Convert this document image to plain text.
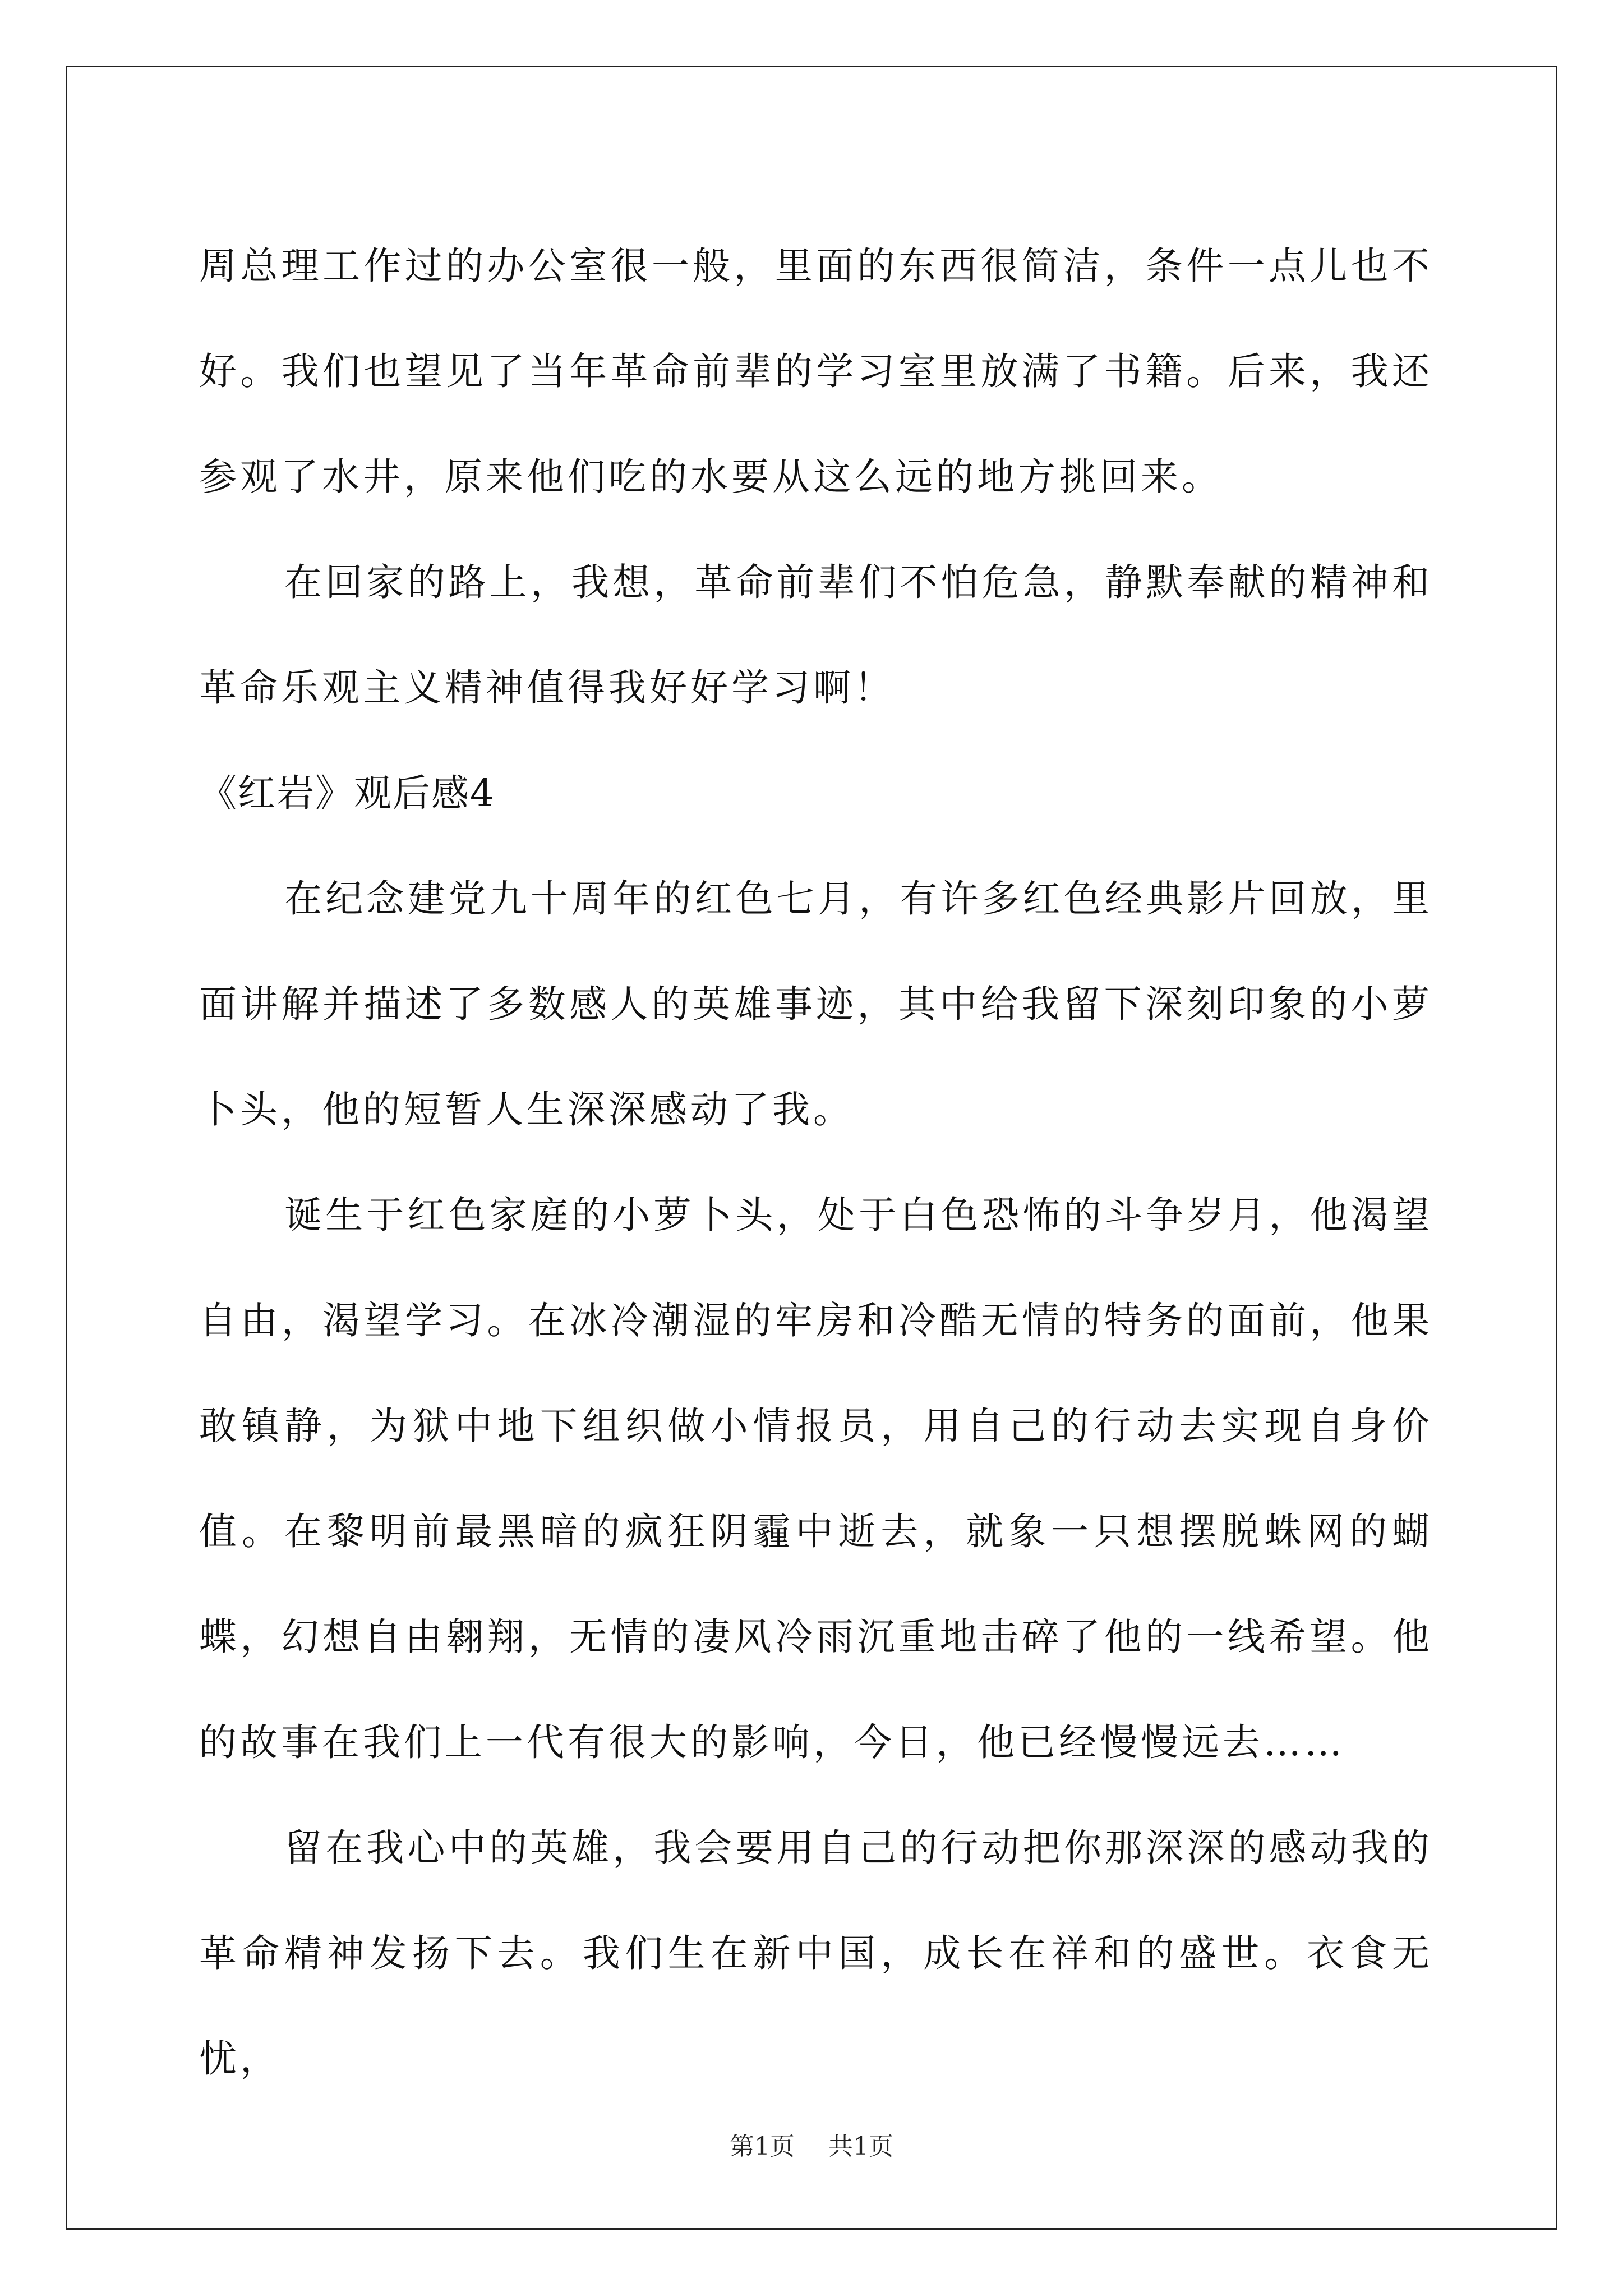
周总理工作过的办公室很一般，里面的东西很简洁，条件一点儿也不好。我们也望见了当年革命前辈的学习室里放满了书籍。后来，我还参观了水井，原来他们吃的水要从这么远的地方挑回来。

在回家的路上，我想，革命前辈们不怕危急，静默奉献的精神和革命乐观主义精神值得我好好学习啊！

《红岩》观后感4

在纪念建党九十周年的红色七月，有许多红色经典影片回放，里面讲解并描述了多数感人的英雄事迹，其中给我留下深刻印象的小萝卜头，他的短暂人生深深感动了我。

诞生于红色家庭的小萝卜头，处于白色恐怖的斗争岁月，他渴望自由，渴望学习。在冰冷潮湿的牢房和冷酷无情的特务的面前，他果敢镇静，为狱中地下组织做小情报员，用自己的行动去实现自身价值。在黎明前最黑暗的疯狂阴霾中逝去，就象一只想摆脱蛛网的蝴蝶，幻想自由翱翔，无情的凄风冷雨沉重地击碎了他的一线希望。他的故事在我们上一代有很大的影响，今日，他已经慢慢远去……

留在我心中的英雄，我会要用自己的行动把你那深深的感动我的革命精神发扬下去。我们生在新中国，成长在祥和的盛世。衣食无忧，

第1页 共1页
